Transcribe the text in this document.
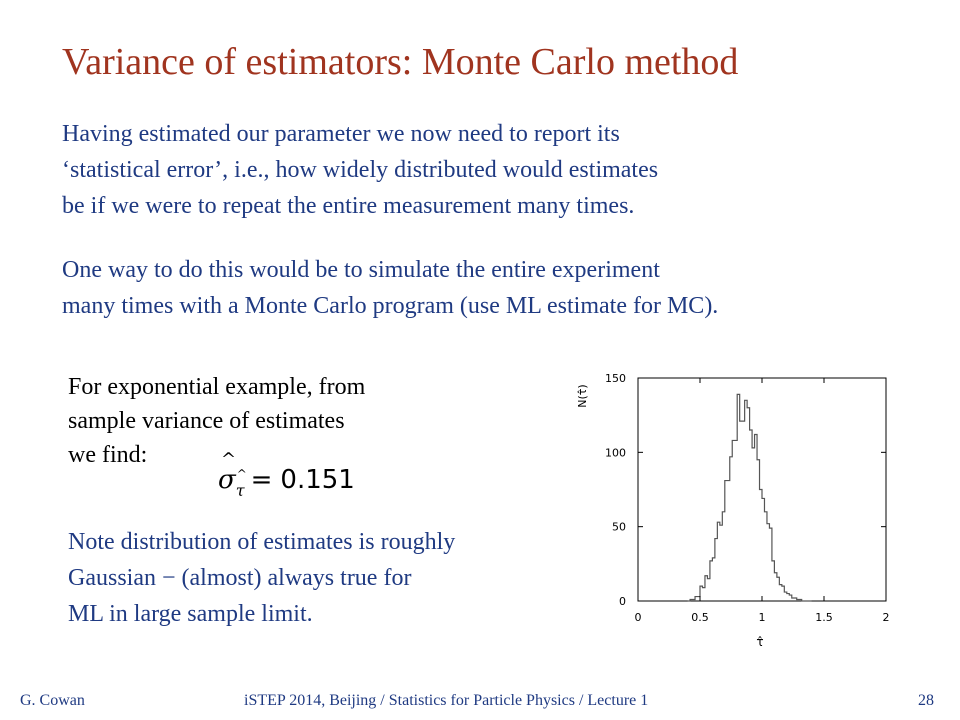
Variance of estimators: Monte Carlo method
Having estimated our parameter we now need to report its
‘statistical error’, i.e., how widely distributed would estimates
be if we were to repeat the entire measurement many times.
One way to do this would be to simulate the entire experiment
many times with a Monte Carlo program (use ML estimate for MC).
For exponential example, from
sample variance of estimates
we find:	^
σ $_{\^{} \tau}$ = 0.151
Note distribution of estimates is roughly
Gaussian − (almost) always true for
ML in large sample limit.	0	0.5	1	1.5	2
0
50
100
150
N(τ̂)
τ̂
G. Cowan	iSTEP 2014, Beijing / Statistics for Particle Physics / Lecture 1	28
